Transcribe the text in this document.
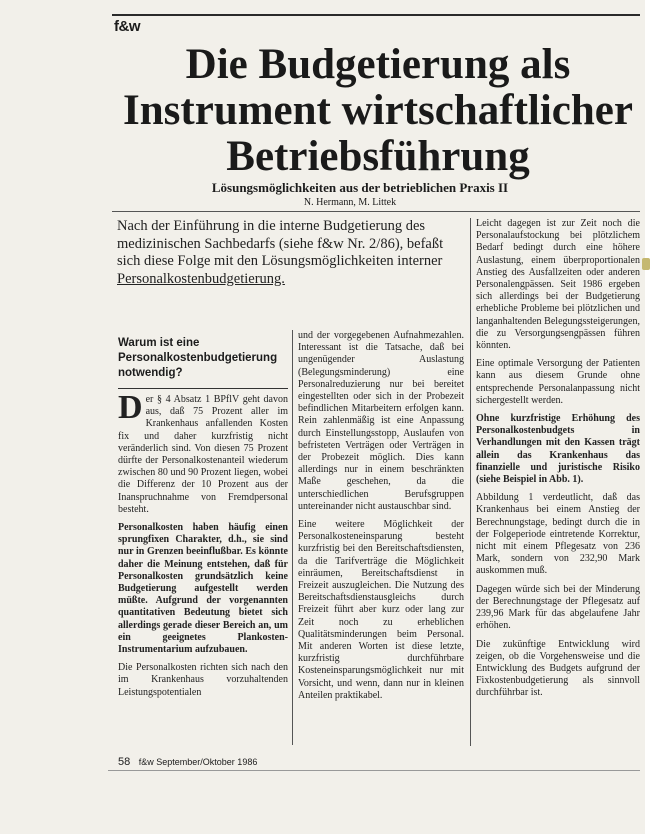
f&w
Die Budgetierung als
Instrument wirtschaftlicher
Betriebsführung
Lösungsmöglichkeiten aus der betrieblichen Praxis II
N. Hermann, M. Littek
Nach der Einführung in die interne Budgetierung des medizinischen Sachbedarfs (siehe f&w Nr. 2/86), befaßt sich diese Folge mit den Lösungsmöglichkeiten interner Personalkostenbudgetierung.
Warum ist eine Personalkostenbudgetierung notwendig?

Der § 4 Absatz 1 BPflV geht davon aus, daß 75 Prozent aller im Krankenhaus anfallenden Kosten fix und daher kurzfristig nicht veränderlich sind. Von diesen 75 Prozent dürfte der Personalkostenanteil wiederum zwischen 80 und 90 Prozent liegen, wobei die Differenz der 10 Prozent aus der Inanspruchnahme von Fremdpersonal besteht.

Personalkosten haben häufig einen sprungfixen Charakter, d.h., sie sind nur in Grenzen beeinflußbar. Es könnte daher die Meinung entstehen, daß für Personalkosten grundsätzlich keine Budgetierung aufgestellt werden müßte. Aufgrund der vorgenannten quantitativen Bedeutung bietet sich allerdings gerade dieser Bereich an, um ein geeignetes Plankosten-Instrumentarium aufzubauen.

Die Personalkosten richten sich nach den im Krankenhaus vorzuhaltenden Leistungspotentialen

und der vorgegebenen Aufnahmezahlen. Interessant ist die Tatsache, daß bei ungenügender Auslastung (Belegungsminderung) eine Personalreduzierung nur bei bereitet eingestellten oder sich in der Probezeit befindlichen Mitarbeitern erfolgen kann. Rein zahlenmäßig ist eine Anpassung durch Einstellungsstopp, Auslaufen von befristeten Verträgen oder Verträgen in der Probezeit möglich. Dies kann allerdings nur in einem beschränkten Maße geschehen, da die unterschiedlichen Berufsgruppen untereinander nicht austauschbar sind.

Eine weitere Möglichkeit der Personalkosteneinsparung besteht kurzfristig bei den Bereitschaftsdiensten, da die Tarifverträge die Möglichkeit einräumen, Bereitschaftsdienst in Freizeit auszugleichen. Die Nutzung des Bereitschaftsdienstausgleichs durch Freizeit führt aber kurz oder lang zur Zeit noch zu erheblichen Qualitätsminderungen beim Personal. Mit anderen Worten ist diese letzte, kurzfristig durchführbare Kosteneinsparungsmöglichkeit nur mit Vorsicht, und wenn, dann nur in kleinen Anteilen praktikabel.

Leicht dagegen ist zur Zeit noch die Personalaufstockung bei plötzlichem Bedarf bedingt durch eine höhere Auslastung, einem überproportionalen Anstieg des Ausfallzeiten oder anderen Personalengpässen. Seit 1986 ergeben sich allerdings bei der Budgetierung erhebliche Probleme bei plötzlichen und langanhaltenden Belegungssteigerungen, die zu Versorgungsengpässen führen könnten.

Eine optimale Versorgung der Patienten kann aus diesem Grunde ohne entsprechende Personalanpassung nicht sichergestellt werden.

Ohne kurzfristige Erhöhung des Personalkostenbudgets in Verhandlungen mit den Kassen trägt allein das Krankenhaus das finanzielle und juristische Risiko (siehe Beispiel in Abb. 1).

Abbildung 1 verdeutlicht, daß das Krankenhaus bei einem Anstieg der Berechnungstage, bedingt durch die in der Folgeperiode eintretende Korrektur, nicht mit einem Pflegesatz von 236 Mark, sondern von 232,90 Mark auskommen muß.

Dagegen würde sich bei der Minderung der Berechnungstage der Pflegesatz auf 239,96 Mark für das abgelaufene Jahr erhöhen.

Die zukünftige Entwicklung wird zeigen, ob die Vorgehensweise und die Entwicklung des Budgets aufgrund der Fixkostenbudgetierung als sinnvoll durchführbar ist.

58 f&w September/Oktober 1986
